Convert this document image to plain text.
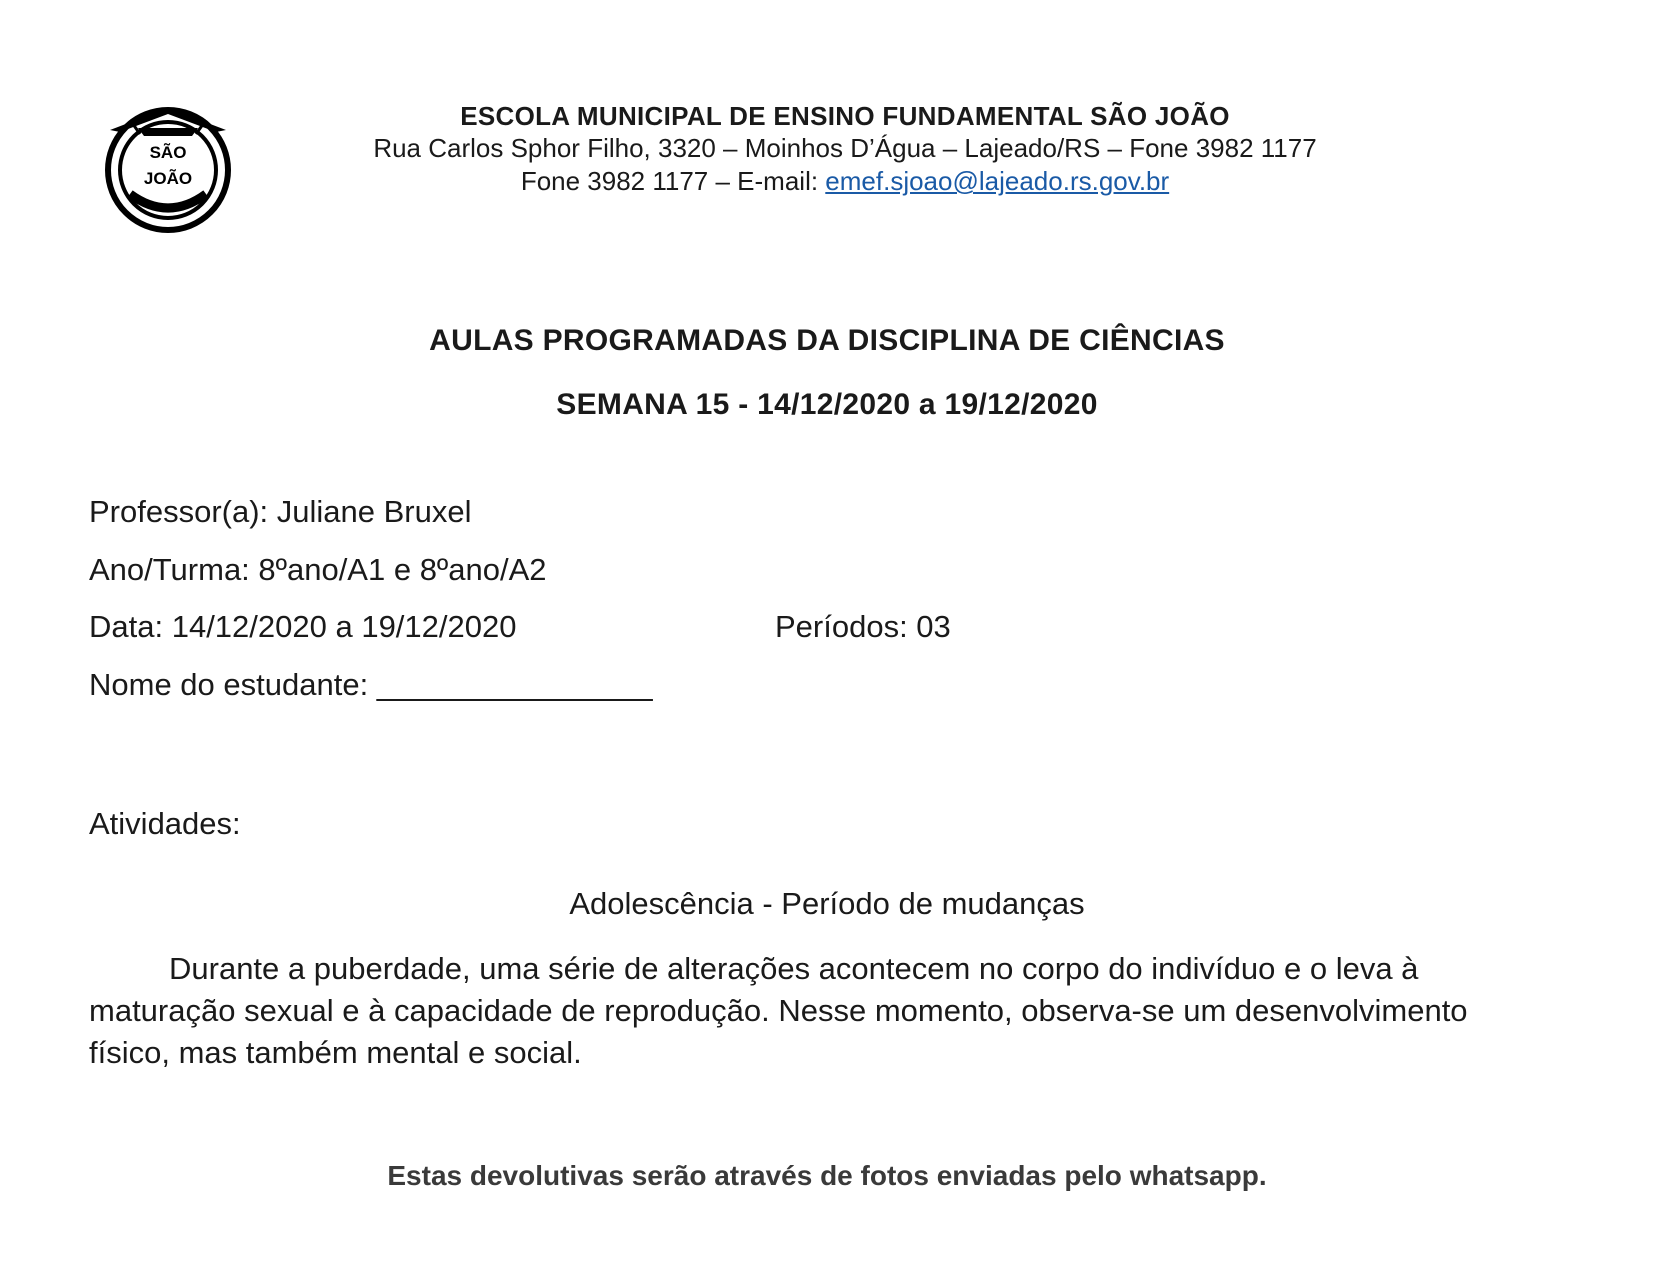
SÃO
JOÃO
ESCOLA MUNICIPAL DE ENSINO FUNDAMENTAL SÃO JOÃO
Rua Carlos Sphor Filho, 3320 – Moinhos D’Água – Lajeado/RS – Fone 3982 1177
Fone 3982 1177 – E-mail: emef.sjoao@lajeado.rs.gov.br
AULAS PROGRAMADAS DA DISCIPLINA DE CIÊNCIAS
SEMANA 15 - 14/12/2020 a 19/12/2020
Professor(a): Juliane Bruxel
Ano/Turma: 8ºano/A1 e 8ºano/A2
Data: 14/12/2020 a 19/12/2020	Períodos: 03
Nome do estudante: ________________
Atividades:
Adolescência - Período de mudanças
Durante a puberdade, uma série de alterações acontecem no corpo do indivíduo e o leva à maturação sexual e à capacidade de reprodução. Nesse momento, observa-se um desenvolvimento físico, mas também mental e social.
Estas devolutivas serão através de fotos enviadas pelo whatsapp.
